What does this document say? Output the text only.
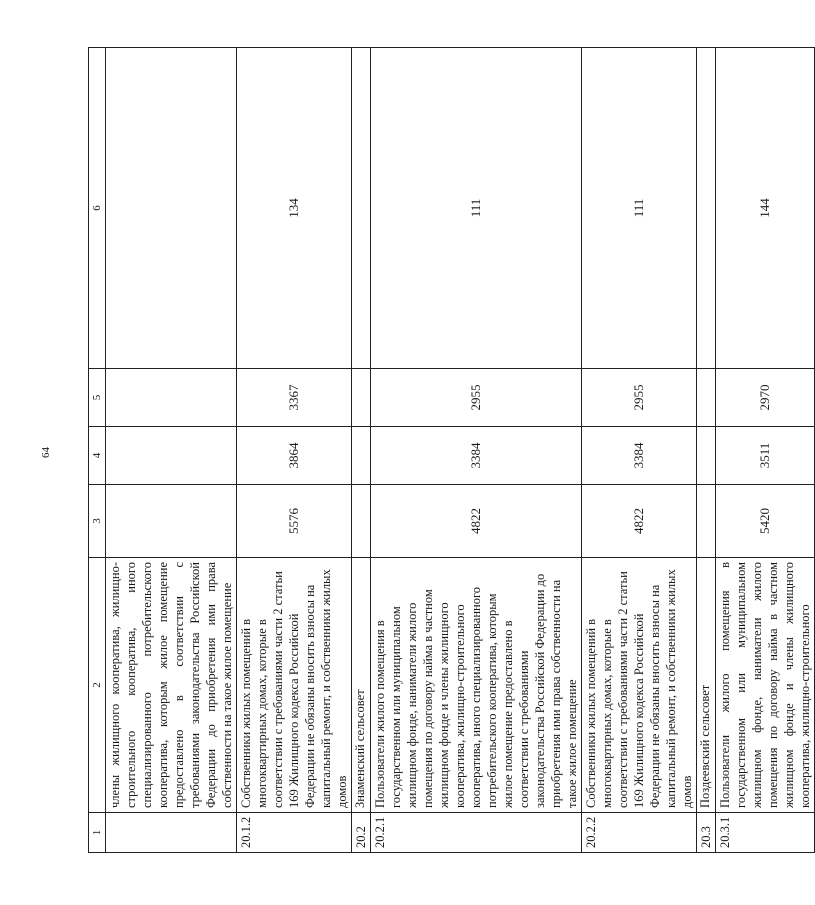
64
1	2	3	4	5	6
	члены жилищного кооператива, жилищно-строительного кооператива, иного специализированного потребительского кооператива, которым жилое помещение предоставлено в соответствии с требованиями законодательства Российской Федерации до приобретения ими права собственности на такое жилое помещение				
20.1.2	Собственники жилых помещений в многоквартирных домах, которые в соответствии с требованиями части 2 статьи 169 Жилищного кодекса Российской Федерации не обязаны вносить взносы на капитальный ремонт, и собственники жилых домов	5576	3864	3367	134
20.2	Знаменский сельсовет				
20.2.1	Пользователи жилого помещения в государственном или муниципальном жилищном фонде, наниматели жилого помещения по договору найма в частном жилищном фонде и члены жилищного кооператива, жилищно-строительного кооператива, иного специализированного потребительского кооператива, которым жилое помещение предоставлено в соответствии с требованиями законодательства Российской Федерации до приобретения ими права собственности на такое жилое помещение	4822	3384	2955	111
20.2.2	Собственники жилых помещений в многоквартирных домах, которые в соответствии с требованиями части 2 статьи 169 Жилищного кодекса Российской Федерации не обязаны вносить взносы на капитальный ремонт, и собственники жилых домов	4822	3384	2955	111
20.3	Поздеевский сельсовет				
20.3.1	Пользователи жилого помещения в государственном или муниципальном жилищном фонде, наниматели жилого помещения по договору найма в частном жилищном фонде и члены жилищного кооператива, жилищно-строительного	5420	3511	2970	144
